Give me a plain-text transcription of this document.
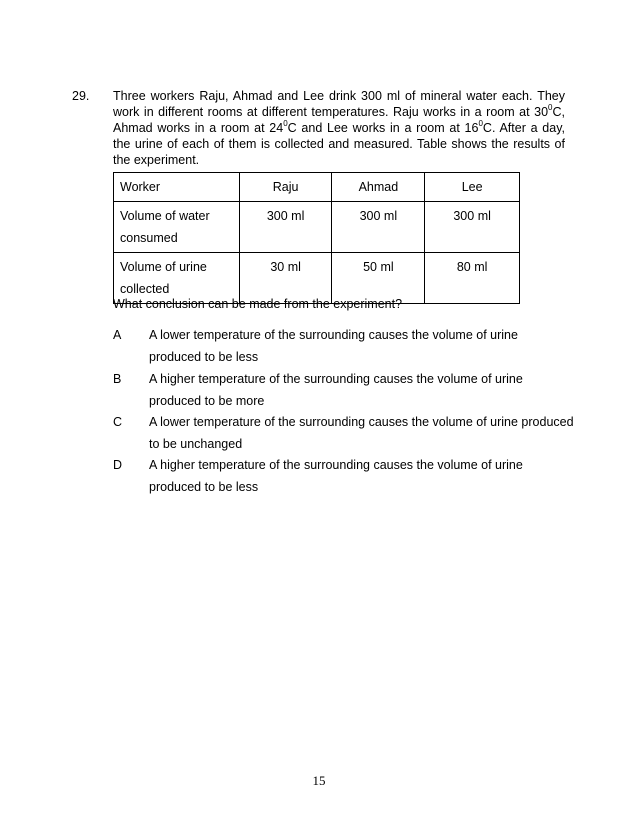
29. Three workers Raju, Ahmad and Lee drink 300 ml of mineral water each. They
work in different rooms at different temperatures. Raju works in a room at $30^0C$,
Ahmad works in a room at $24^0C$ and Lee works in a room at $16^0C$. After a day,
the urine of each of them is collected and measured. Table shows the results of
the experiment.
Worker	Raju	Ahmad	Lee
Volume of water
consumed	300 ml	300 ml	300 ml
Volume of urine
collected	30 ml	50 ml	80 ml
What conclusion can be made from the experiment?
A A lower temperature of the surrounding causes the volume of urine
produced to be less
B A higher temperature of the surrounding causes the volume of urine
produced to be more
C A lower temperature of the surrounding causes the volume of urine produced
to be unchanged
D A higher temperature of the surrounding causes the volume of urine
produced to be less
15
